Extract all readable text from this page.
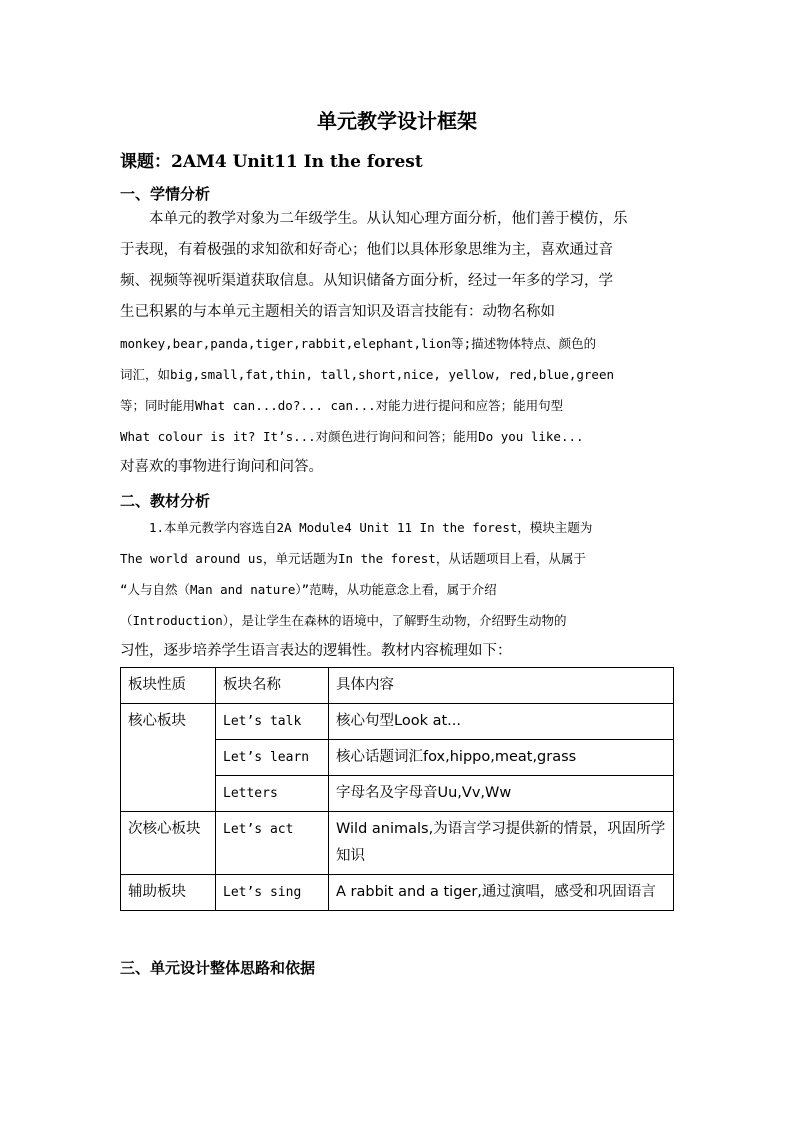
单元教学设计框架
课题：2AM4 Unit11 In the forest
一、学情分析
本单元的教学对象为二年级学生。从认知心理方面分析，他们善于模仿，乐
于表现，有着极强的求知欲和好奇心；他们以具体形象思维为主，喜欢通过音
频、视频等视听渠道获取信息。从知识储备方面分析，经过一年多的学习，学
生已积累的与本单元主题相关的语言知识及语言技能有：动物名称如
monkey,bear,panda,tiger,rabbit,elephant,lion等;描述物体特点、颜色的
词汇，如big,small,fat,thin, tall,short,nice, yellow, red,blue,green
等；同时能用What can...do?... can...对能力进行提问和应答；能用句型
What colour is it? It’s...对颜色进行询问和问答；能用Do you like...
对喜欢的事物进行询问和问答。
二、教材分析
1.本单元教学内容选自2A Module4 Unit 11 In the forest，模块主题为
The world around us，单元话题为In the forest，从话题项目上看，从属于
“人与自然（Man and nature）”范畴，从功能意念上看，属于介绍
（Introduction），是让学生在森林的语境中，了解野生动物，介绍野生动物的
习性，逐步培养学生语言表达的逻辑性。教材内容梳理如下：
板块性质	板块名称	具体内容
核心板块	Let’s talk	核心句型Look at...
	Let’s learn	核心话题词汇fox,hippo,meat,grass
	Letters	字母名及字母音Uu,Vv,Ww
次核心板块	Let’s act	Wild animals,为语言学习提供新的情景，巩固所学知识
辅助板块	Let’s sing	A rabbit and a tiger,通过演唱，感受和巩固语言
三、单元设计整体思路和依据
